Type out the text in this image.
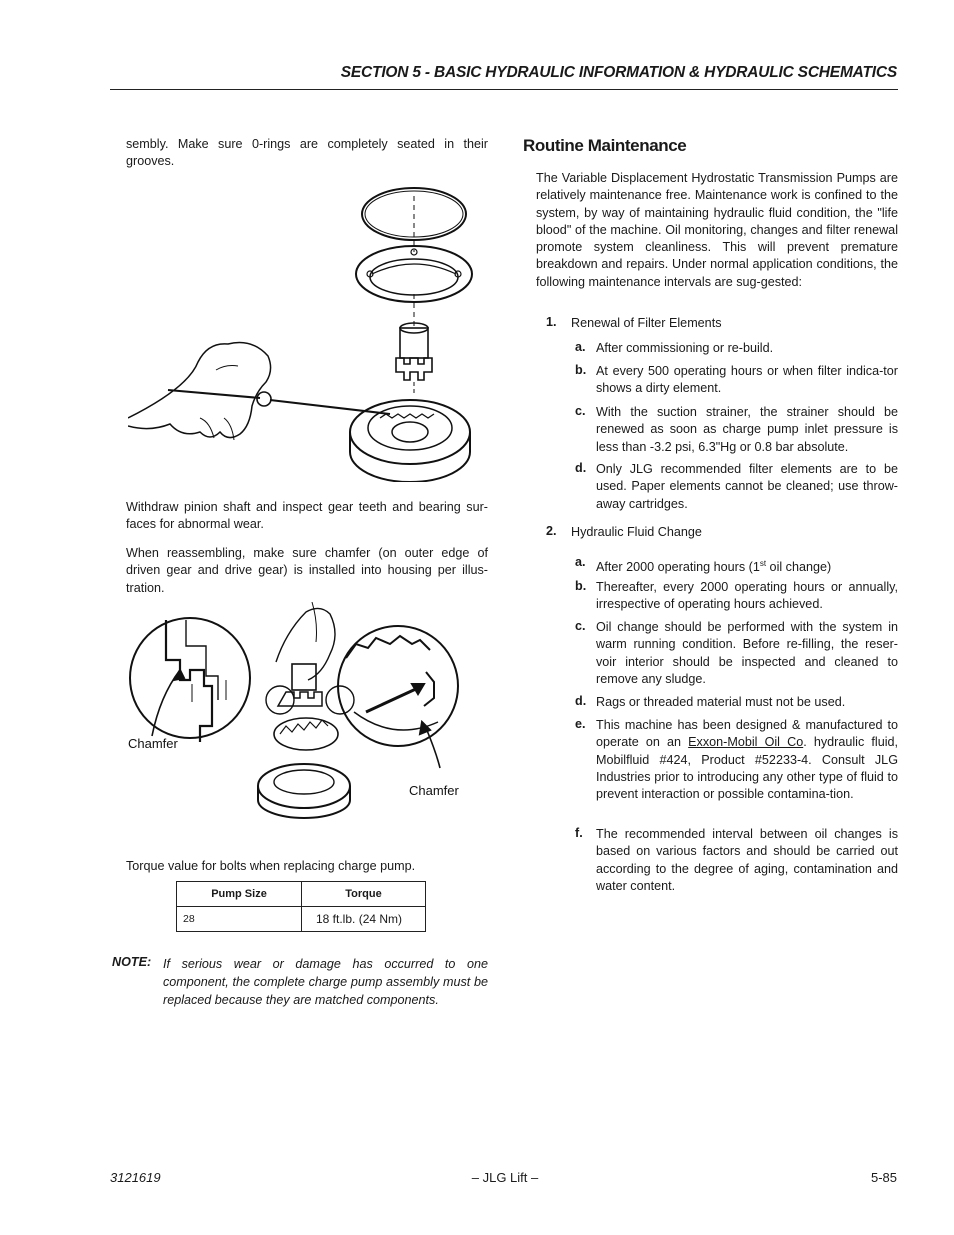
SECTION 5 - BASIC HYDRAULIC INFORMATION & HYDRAULIC SCHEMATICS
sembly. Make sure 0-rings are completely seated in their grooves.
Withdraw pinion shaft and inspect gear teeth and bearing sur-faces for abnormal wear.
When reassembling, make sure chamfer (on outer edge of driven gear and drive gear) is installed into housing per illus-tration.
Chamfer
Chamfer
Torque value for bolts when replacing charge pump.
Pump Size	Torque
28	18 ft.lb. (24 Nm)
NOTE: If serious wear or damage has occurred to one component, the complete charge pump assembly must be replaced because they are matched components.
Routine Maintenance
The Variable Displacement Hydrostatic Transmission Pumps are relatively maintenance free. Maintenance work is confined to the system, by way of maintaining hydraulic fluid condition, the "life blood" of the machine. Oil monitoring, changes and filter renewal promote system cleanliness. This will prevent premature breakdown and repairs. Under normal application conditions, the following maintenance intervals are sug-gested:
1. Renewal of Filter Elements
a. After commissioning or re-build.
b. At every 500 operating hours or when filter indica-tor shows a dirty element.
c. With the suction strainer, the strainer should be renewed as soon as charge pump inlet pressure is less than -3.2 psi, 6.3"Hg or 0.8 bar absolute.
d. Only JLG recommended filter elements are to be used. Paper elements cannot be cleaned; use throw-away cartridges.
2. Hydraulic Fluid Change
a. After 2000 operating hours (1st oil change)
b. Thereafter, every 2000 operating hours or annually, irrespective of operating hours achieved.
c. Oil change should be performed with the system in warm running condition. Before re-filling, the reser-voir interior should be inspected and cleaned to remove any sludge.
d. Rags or threaded material must not be used.
e. This machine has been designed & manufactured to operate on an Exxon-Mobil Oil Co. hydraulic fluid, Mobilfluid #424, Product #52233-4. Consult JLG Industries prior to introducing any other type of fluid to prevent interaction or possible contamina-tion.
f. The recommended interval between oil changes is based on various factors and should be carried out according to the degree of aging, contamination and water content.
3121619	– JLG Lift –	5-85
